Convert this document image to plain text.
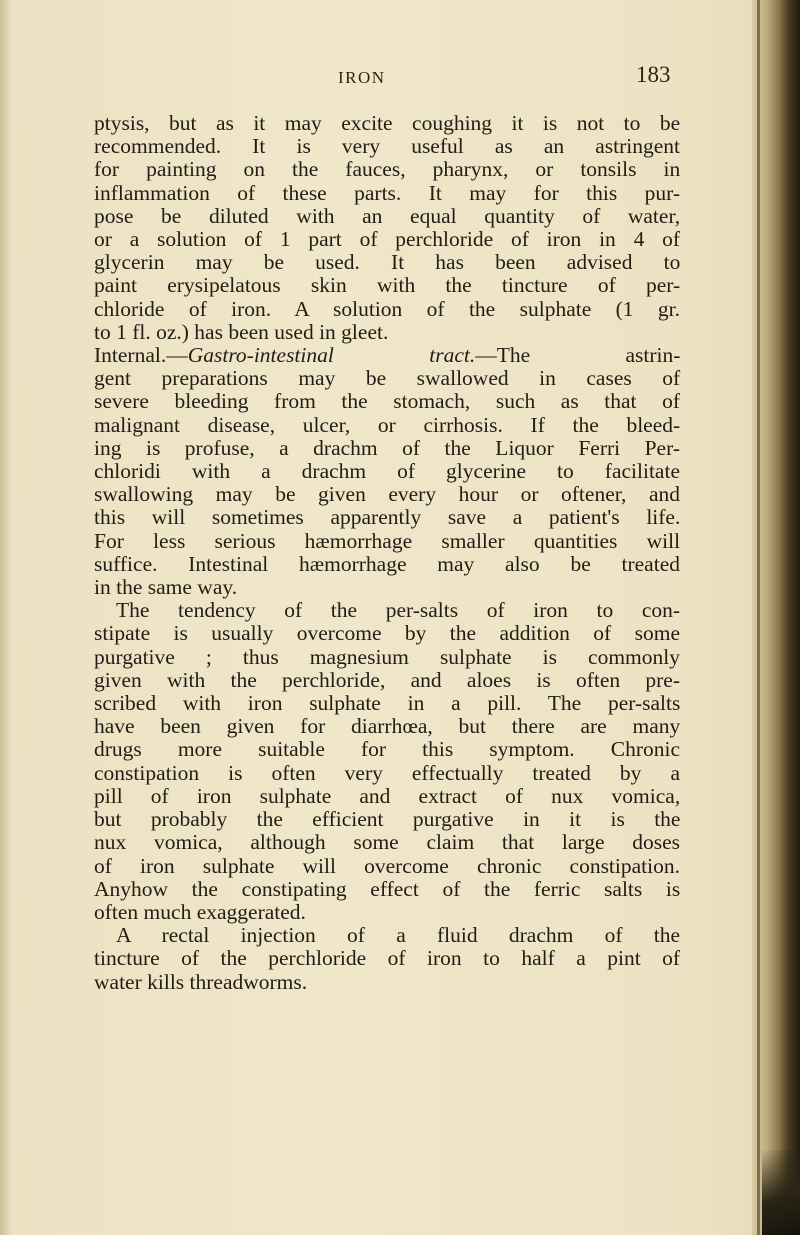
IRON	183
ptysis, but as it may excite coughing it is not to be
recommended. It is very useful as an astringent
for painting on the fauces, pharynx, or tonsils in
inflammation of these parts. It may for this pur-
pose be diluted with an equal quantity of water,
or a solution of 1 part of perchloride of iron in 4 of
glycerin may be used. It has been advised to
paint erysipelatous skin with the tincture of per-
chloride of iron. A solution of the sulphate (1 gr.
to 1 fl. oz.) has been used in gleet.
Internal.—Gastro-intestinal tract.—The astrin-
gent preparations may be swallowed in cases of
severe bleeding from the stomach, such as that of
malignant disease, ulcer, or cirrhosis. If the bleed-
ing is profuse, a drachm of the Liquor Ferri Per-
chloridi with a drachm of glycerine to facilitate
swallowing may be given every hour or oftener, and
this will sometimes apparently save a patient's life.
For less serious hæmorrhage smaller quantities will
suffice. Intestinal hæmorrhage may also be treated
in the same way.
The tendency of the per-salts of iron to con-
stipate is usually overcome by the addition of some
purgative ; thus magnesium sulphate is commonly
given with the perchloride, and aloes is often pre-
scribed with iron sulphate in a pill. The per-salts
have been given for diarrhœa, but there are many
drugs more suitable for this symptom. Chronic
constipation is often very effectually treated by a
pill of iron sulphate and extract of nux vomica,
but probably the efficient purgative in it is the
nux vomica, although some claim that large doses
of iron sulphate will overcome chronic constipation.
Anyhow the constipating effect of the ferric salts is
often much exaggerated.
A rectal injection of a fluid drachm of the
tincture of the perchloride of iron to half a pint of
water kills threadworms.
